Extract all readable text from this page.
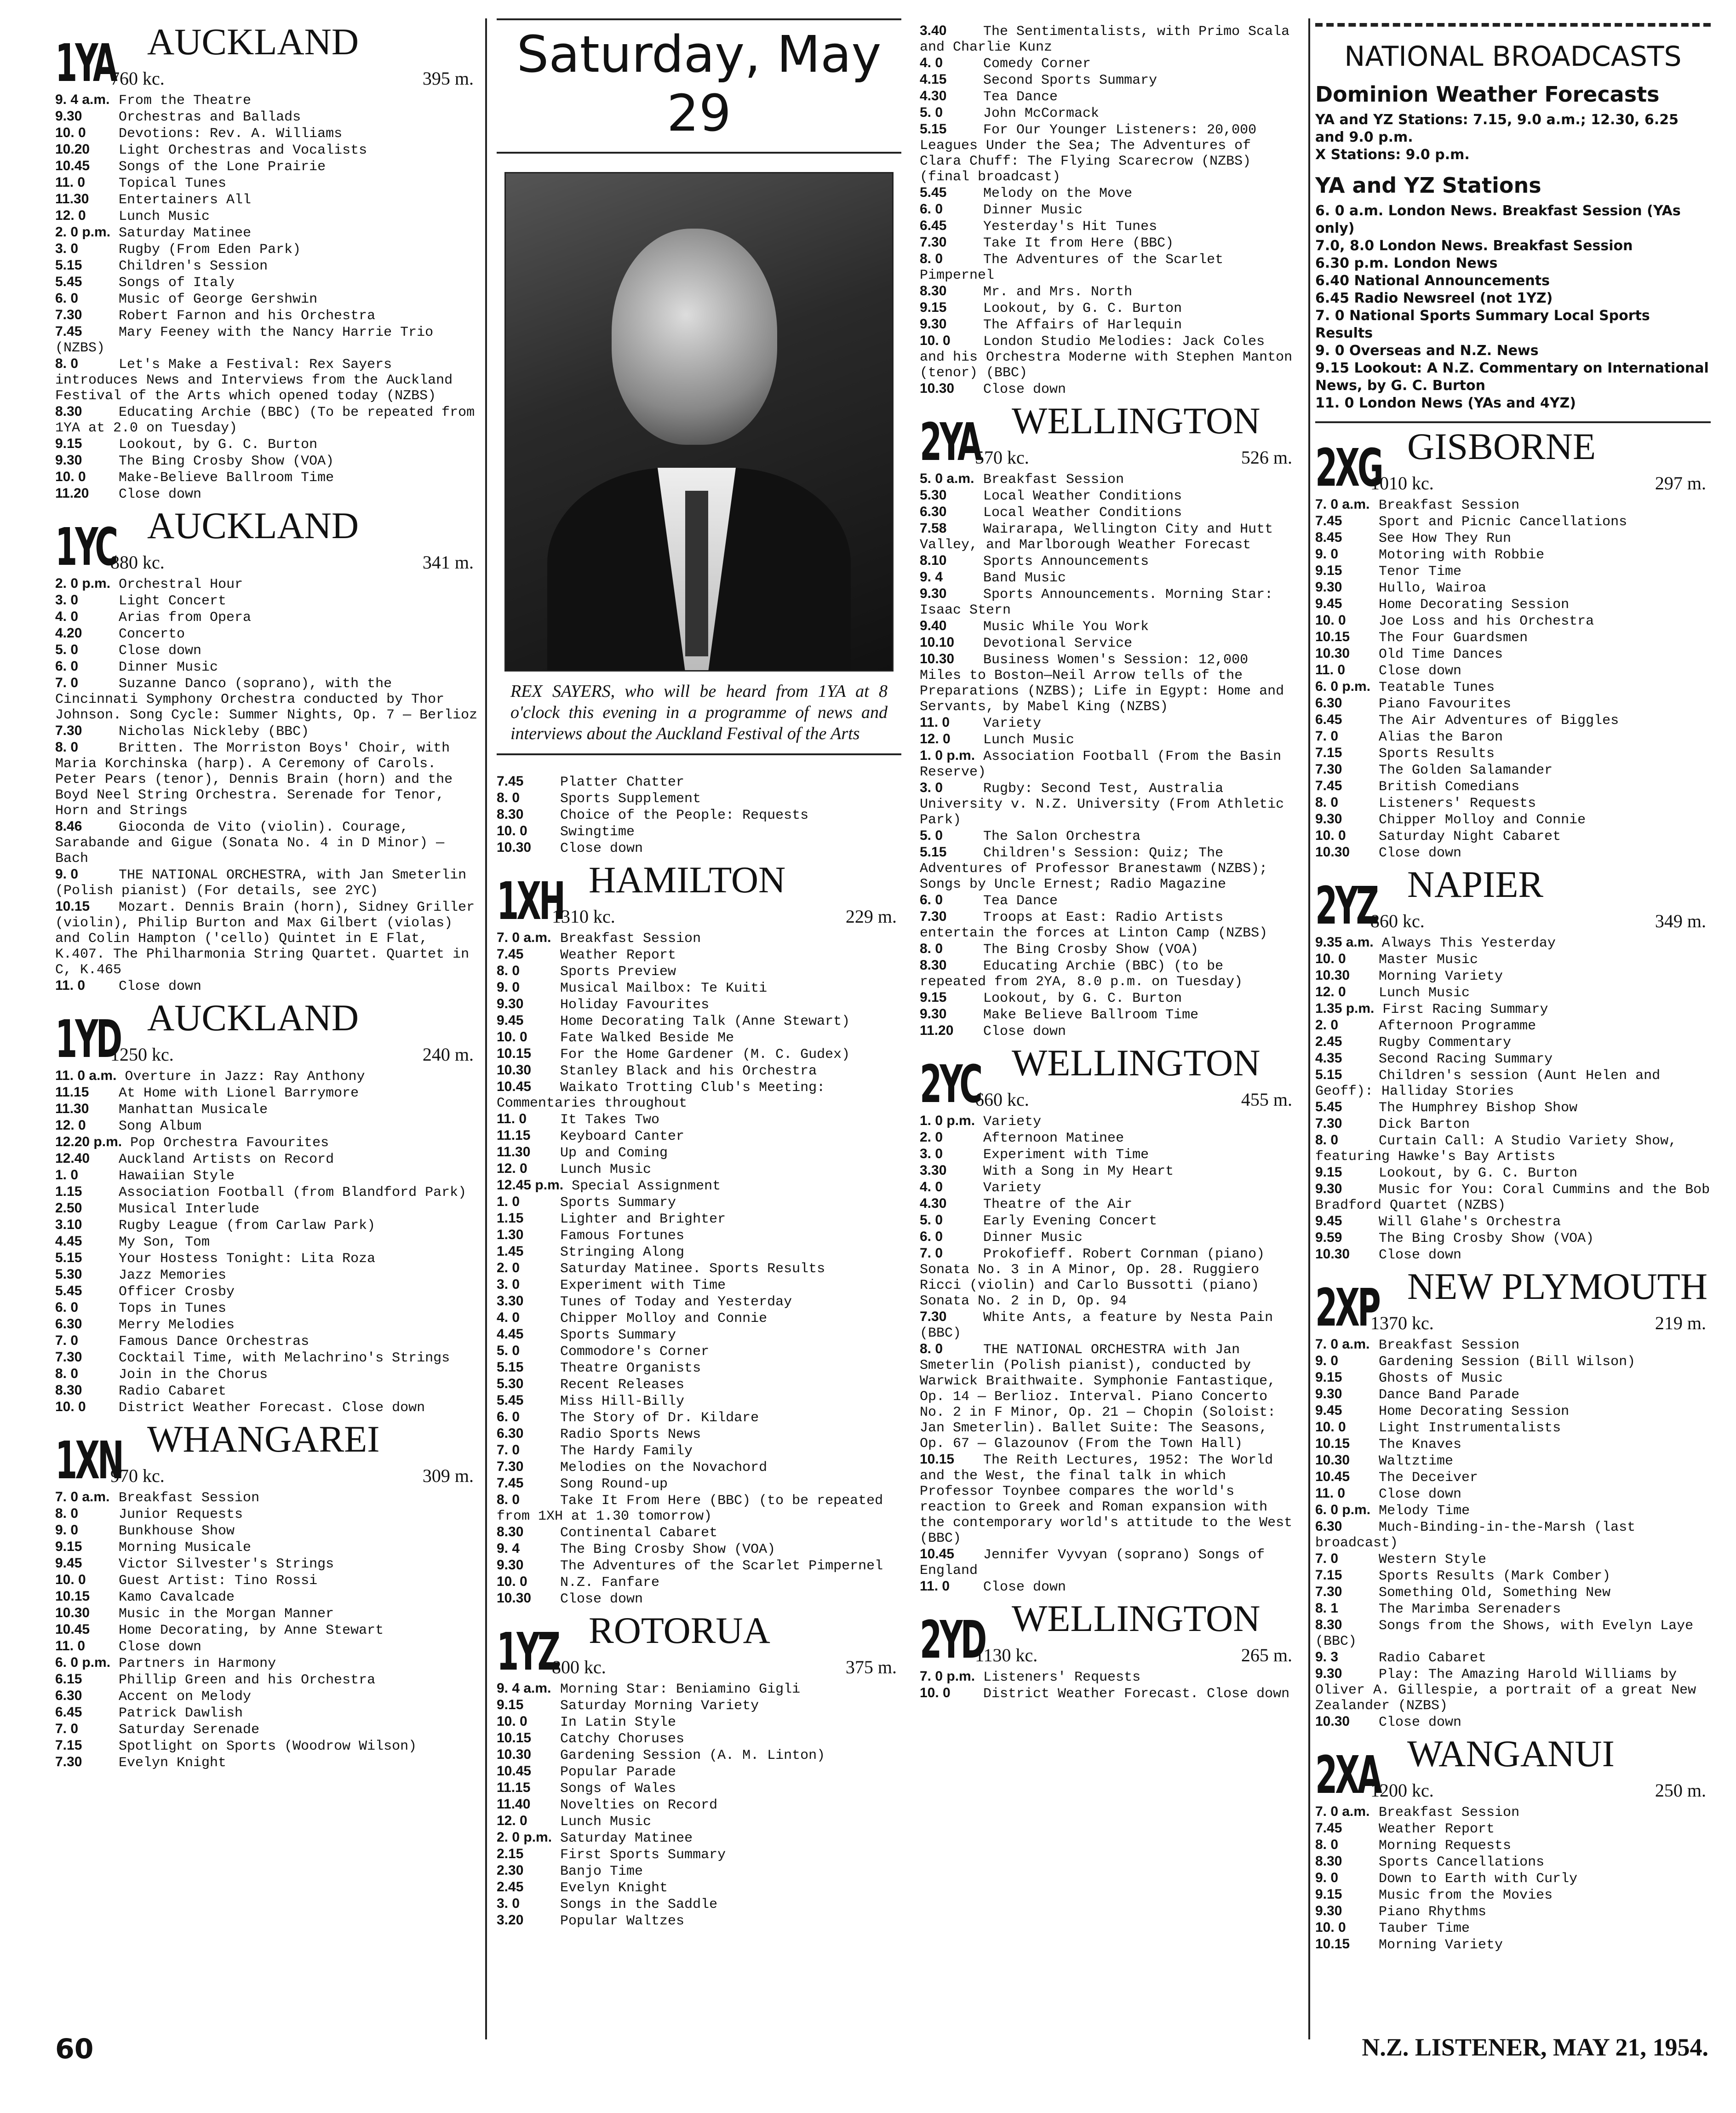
1YA AUCKLAND
760 kc.	395 m.
9. 4 a.m. From the Theatre
9.30	Orchestras and Ballads
10. 0 Devotions: Rev. A. Williams
10.20 Light Orchestras and Vocalists
10.45 Songs of the Lone Prairie
11. 0 Topical Tunes
11.30 Entertainers All
12. 0 Lunch Music
2. 0 p.m. Saturday Matinee
3. 0	Rugby (From Eden Park)
5.15	Children's Session
5.45	Songs of Italy
6. 0	Music of George Gershwin
7.30	Robert Farnon and his Orchestra
7.45	Mary Feeney with the Nancy Harrie Trio (NZBS)
8. 0	Let's Make a Festival: Rex Sayers introduces News and Interviews from the Auckland Festival of the Arts which opened today (NZBS)
8.30	Educating Archie (BBC) (To be repeated from 1YA at 2.0 on Tuesday)
9.15	Lookout, by G. C. Burton
9.30	The Bing Crosby Show (VOA)
10. 0 Make-Believe Ballroom Time
11.20 Close down
1YC AUCKLAND
880 kc.	341 m.
2. 0 p.m. Orchestral Hour
3. 0	Light Concert
4. 0	Arias from Opera
4.20	Concerto
5. 0	Close down
6. 0	Dinner Music
7. 0	Suzanne Danco (soprano), with the Cincinnati Symphony Orchestra conducted by Thor Johnson. Song Cycle: Summer Nights, Op. 7 — Berlioz
7.30	Nicholas Nickleby (BBC)
8. 0	Britten. The Morriston Boys' Choir, with Maria Korchinska (harp). A Ceremony of Carols. Peter Pears (tenor), Dennis Brain (horn) and the Boyd Neel String Orchestra. Serenade for Tenor, Horn and Strings
8.46	Gioconda de Vito (violin). Courage, Sarabande and Gigue (Sonata No. 4 in D Minor) — Bach
9. 0	THE NATIONAL ORCHESTRA, with Jan Smeterlin (Polish pianist) (For details, see 2YC)
10.15 Mozart. Dennis Brain (horn), Sidney Griller (violin), Philip Burton and Max Gilbert (violas) and Colin Hampton ('cello) Quintet in E Flat, K.407. The Philharmonia String Quartet. Quartet in C, K.465
11. 0 Close down
1YD AUCKLAND
1250 kc.	240 m.
11. 0 a.m. Overture in Jazz: Ray Anthony
11.15 At Home with Lionel Barrymore
11.30 Manhattan Musicale
12. 0 Song Album
12.20 p.m. Pop Orchestra Favourites
12.40 Auckland Artists on Record
1. 0	Hawaiian Style
1.15	Association Football (from Blandford Park)
2.50	Musical Interlude
3.10	Rugby League (from Carlaw Park)
4.45	My Son, Tom
5.15	Your Hostess Tonight: Lita Roza
5.30	Jazz Memories
5.45	Officer Crosby
6. 0	Tops in Tunes
6.30	Merry Melodies
7. 0	Famous Dance Orchestras
7.30	Cocktail Time, with Melachrino's Strings
8. 0	Join in the Chorus
8.30	Radio Cabaret
10. 0 District Weather Forecast. Close down
1XN WHANGAREI
970 kc.	309 m.
7. 0 a.m. Breakfast Session
8. 0	Junior Requests
9. 0	Bunkhouse Show
9.15	Morning Musicale
9.45	Victor Silvester's Strings
10. 0 Guest Artist: Tino Rossi
10.15 Kamo Cavalcade
10.30 Music in the Morgan Manner
10.45 Home Decorating, by Anne Stewart
11. 0 Close down
6. 0 p.m. Partners in Harmony
6.15	Phillip Green and his Orchestra
6.30	Accent on Melody
6.45	Patrick Dawlish
7. 0	Saturday Serenade
7.15	Spotlight on Sports (Woodrow Wilson)
7.30	Evelyn Knight
Saturday, May 29
REX SAYERS, who will be heard from 1YA at 8 o'clock this evening in a programme of news and interviews about the Auckland Festival of the Arts
7.45	Platter Chatter
8. 0	Sports Supplement
8.30	Choice of the People: Requests
10. 0 Swingtime
10.30 Close down
1XH HAMILTON
1310 kc.	229 m.
7. 0 a.m. Breakfast Session
7.45	Weather Report
8. 0	Sports Preview
9. 0	Musical Mailbox: Te Kuiti
9.30	Holiday Favourites
9.45	Home Decorating Talk (Anne Stewart)
10. 0 Fate Walked Beside Me
10.15 For the Home Gardener (M. C. Gudex)
10.30 Stanley Black and his Orchestra
10.45 Waikato Trotting Club's Meeting: Commentaries throughout
11. 0 It Takes Two
11.15 Keyboard Canter
11.30 Up and Coming
12. 0 Lunch Music
12.45 p.m. Special Assignment
1. 0	Sports Summary
1.15	Lighter and Brighter
1.30	Famous Fortunes
1.45	Stringing Along
2. 0	Saturday Matinee. Sports Results
3. 0	Experiment with Time
3.30	Tunes of Today and Yesterday
4. 0	Chipper Molloy and Connie
4.45	Sports Summary
5. 0	Commodore's Corner
5.15	Theatre Organists
5.30	Recent Releases
5.45	Miss Hill-Billy
6. 0	The Story of Dr. Kildare
6.30	Radio Sports News
7. 0	The Hardy Family
7.30	Melodies on the Novachord
7.45	Song Round-up
8. 0	Take It From Here (BBC) (to be repeated from 1XH at 1.30 tomorrow)
8.30	Continental Cabaret
9. 4	The Bing Crosby Show (VOA)
9.30	The Adventures of the Scarlet Pimpernel
10. 0 N.Z. Fanfare
10.30 Close down
1YZ ROTORUA
800 kc.	375 m.
9. 4 a.m. Morning Star: Beniamino Gigli
9.15	Saturday Morning Variety
10. 0 In Latin Style
10.15 Catchy Choruses
10.30 Gardening Session (A. M. Linton)
10.45 Popular Parade
11.15 Songs of Wales
11.40 Novelties on Record
12. 0 Lunch Music
2. 0 p.m. Saturday Matinee
2.15	First Sports Summary
2.30	Banjo Time
2.45	Evelyn Knight
3. 0	Songs in the Saddle
3.20	Popular Waltzes
3.40	The Sentimentalists, with Primo Scala and Charlie Kunz
4. 0	Comedy Corner
4.15	Second Sports Summary
4.30	Tea Dance
5. 0	John McCormack
5.15	For Our Younger Listeners: 20,000 Leagues Under the Sea; The Adventures of Clara Chuff: The Flying Scarecrow (NZBS) (final broadcast)
5.45	Melody on the Move
6. 0	Dinner Music
6.45	Yesterday's Hit Tunes
7.30	Take It from Here (BBC)
8. 0	The Adventures of the Scarlet Pimpernel
8.30	Mr. and Mrs. North
9.15	Lookout, by G. C. Burton
9.30	The Affairs of Harlequin
10. 0 London Studio Melodies: Jack Coles and his Orchestra Moderne with Stephen Manton (tenor) (BBC)
10.30 Close down
2YA WELLINGTON
570 kc.	526 m.
5. 0 a.m. Breakfast Session
5.30	Local Weather Conditions
6.30	Local Weather Conditions
7.58	Wairarapa, Wellington City and Hutt Valley, and Marlborough Weather Forecast
8.10	Sports Announcements
9. 4	Band Music
9.30	Sports Announcements. Morning Star: Isaac Stern
9.40	Music While You Work
10.10 Devotional Service
10.30 Business Women's Session: 12,000 Miles to Boston—Neil Arrow tells of the Preparations (NZBS); Life in Egypt: Home and Servants, by Mabel King (NZBS)
11. 0 Variety
12. 0 Lunch Music
1. 0 p.m. Association Football (From the Basin Reserve)
3. 0	Rugby: Second Test, Australia University v. N.Z. University (From Athletic Park)
5. 0	The Salon Orchestra
5.15	Children's Session: Quiz; The Adventures of Professor Branestawm (NZBS); Songs by Uncle Ernest; Radio Magazine
6. 0	Tea Dance
7.30	Troops at East: Radio Artists entertain the forces at Linton Camp (NZBS)
8. 0	The Bing Crosby Show (VOA)
8.30	Educating Archie (BBC) (to be repeated from 2YA, 8.0 p.m. on Tuesday)
9.15	Lookout, by G. C. Burton
9.30	Make Believe Ballroom Time
11.20 Close down
2YC WELLINGTON
660 kc.	455 m.
1. 0 p.m. Variety
2. 0	Afternoon Matinee
3. 0	Experiment with Time
3.30	With a Song in My Heart
4. 0	Variety
4.30	Theatre of the Air
5. 0	Early Evening Concert
6. 0	Dinner Music
7. 0	Prokofieff. Robert Cornman (piano) Sonata No. 3 in A Minor, Op. 28. Ruggiero Ricci (violin) and Carlo Bussotti (piano) Sonata No. 2 in D, Op. 94
7.30	White Ants, a feature by Nesta Pain (BBC)
8. 0	THE NATIONAL ORCHESTRA with Jan Smeterlin (Polish pianist), conducted by Warwick Braithwaite. Symphonie Fantastique, Op. 14 — Berlioz. Interval. Piano Concerto No. 2 in F Minor, Op. 21 — Chopin (Soloist: Jan Smeterlin). Ballet Suite: The Seasons, Op. 67 — Glazounov (From the Town Hall)
10.15 The Reith Lectures, 1952: The World and the West, the final talk in which Professor Toynbee compares the world's reaction to Greek and Roman expansion with the contemporary world's attitude to the West (BBC)
10.45 Jennifer Vyvyan (soprano) Songs of England
11. 0 Close down
2YD WELLINGTON
1130 kc.	265 m.
7. 0 p.m. Listeners' Requests
10. 0 District Weather Forecast. Close down
NATIONAL BROADCASTS
Dominion Weather Forecasts
YA and YZ Stations: 7.15, 9.0 a.m.; 12.30, 6.25 and 9.0 p.m.
X Stations: 9.0 p.m.
YA and YZ Stations
6. 0 a.m. London News. Breakfast Session (YAs only)
7.0, 8.0 London News. Breakfast Session
6.30 p.m. London News
6.40 National Announcements
6.45 Radio Newsreel (not 1YZ)
7. 0 National Sports Summary Local Sports Results
9. 0 Overseas and N.Z. News
9.15 Lookout: A N.Z. Commentary on International News, by G. C. Burton
11. 0 London News (YAs and 4YZ)
2XG GISBORNE
1010 kc.	297 m.
7. 0 a.m. Breakfast Session
7.45	Sport and Picnic Cancellations
8.45	See How They Run
9. 0	Motoring with Robbie
9.15	Tenor Time
9.30	Hullo, Wairoa
9.45	Home Decorating Session
10. 0 Joe Loss and his Orchestra
10.15 The Four Guardsmen
10.30 Old Time Dances
11. 0 Close down
6. 0 p.m. Teatable Tunes
6.30	Piano Favourites
6.45	The Air Adventures of Biggles
7. 0	Alias the Baron
7.15	Sports Results
7.30	The Golden Salamander
7.45	British Comedians
8. 0	Listeners' Requests
9.30	Chipper Molloy and Connie
10. 0 Saturday Night Cabaret
10.30 Close down
2YZ NAPIER
860 kc.	349 m.
9.35 a.m. Always This Yesterday
10. 0 Master Music
10.30 Morning Variety
12. 0 Lunch Music
1.35 p.m. First Racing Summary
2. 0	Afternoon Programme
2.45	Rugby Commentary
4.35	Second Racing Summary
5.15	Children's session (Aunt Helen and Geoff): Halliday Stories
5.45	The Humphrey Bishop Show
7.30	Dick Barton
8. 0	Curtain Call: A Studio Variety Show, featuring Hawke's Bay Artists
9.15	Lookout, by G. C. Burton
9.30	Music for You: Coral Cummins and the Bob Bradford Quartet (NZBS)
9.45	Will Glahe's Orchestra
9.59	The Bing Crosby Show (VOA)
10.30 Close down
2XP NEW PLYMOUTH
1370 kc.	219 m.
7. 0 a.m. Breakfast Session
9. 0	Gardening Session (Bill Wilson)
9.15	Ghosts of Music
9.30	Dance Band Parade
9.45	Home Decorating Session
10. 0 Light Instrumentalists
10.15 The Knaves
10.30 Waltztime
10.45 The Deceiver
11. 0 Close down
6. 0 p.m. Melody Time
6.30	Much-Binding-in-the-Marsh (last broadcast)
7. 0	Western Style
7.15	Sports Results (Mark Comber)
7.30	Something Old, Something New
8. 1	The Marimba Serenaders
8.30	Songs from the Shows, with Evelyn Laye (BBC)
9. 3	Radio Cabaret
9.30	Play: The Amazing Harold Williams by Oliver A. Gillespie, a portrait of a great New Zealander (NZBS)
10.30 Close down
2XA WANGANUI
1200 kc.	250 m.
7. 0 a.m. Breakfast Session
7.45	Weather Report
8. 0	Morning Requests
8.30	Sports Cancellations
9. 0	Down to Earth with Curly
9.15	Music from the Movies
9.30	Piano Rhythms
10. 0 Tauber Time
10.15 Morning Variety
60	N.Z. LISTENER, MAY 21, 1954.
